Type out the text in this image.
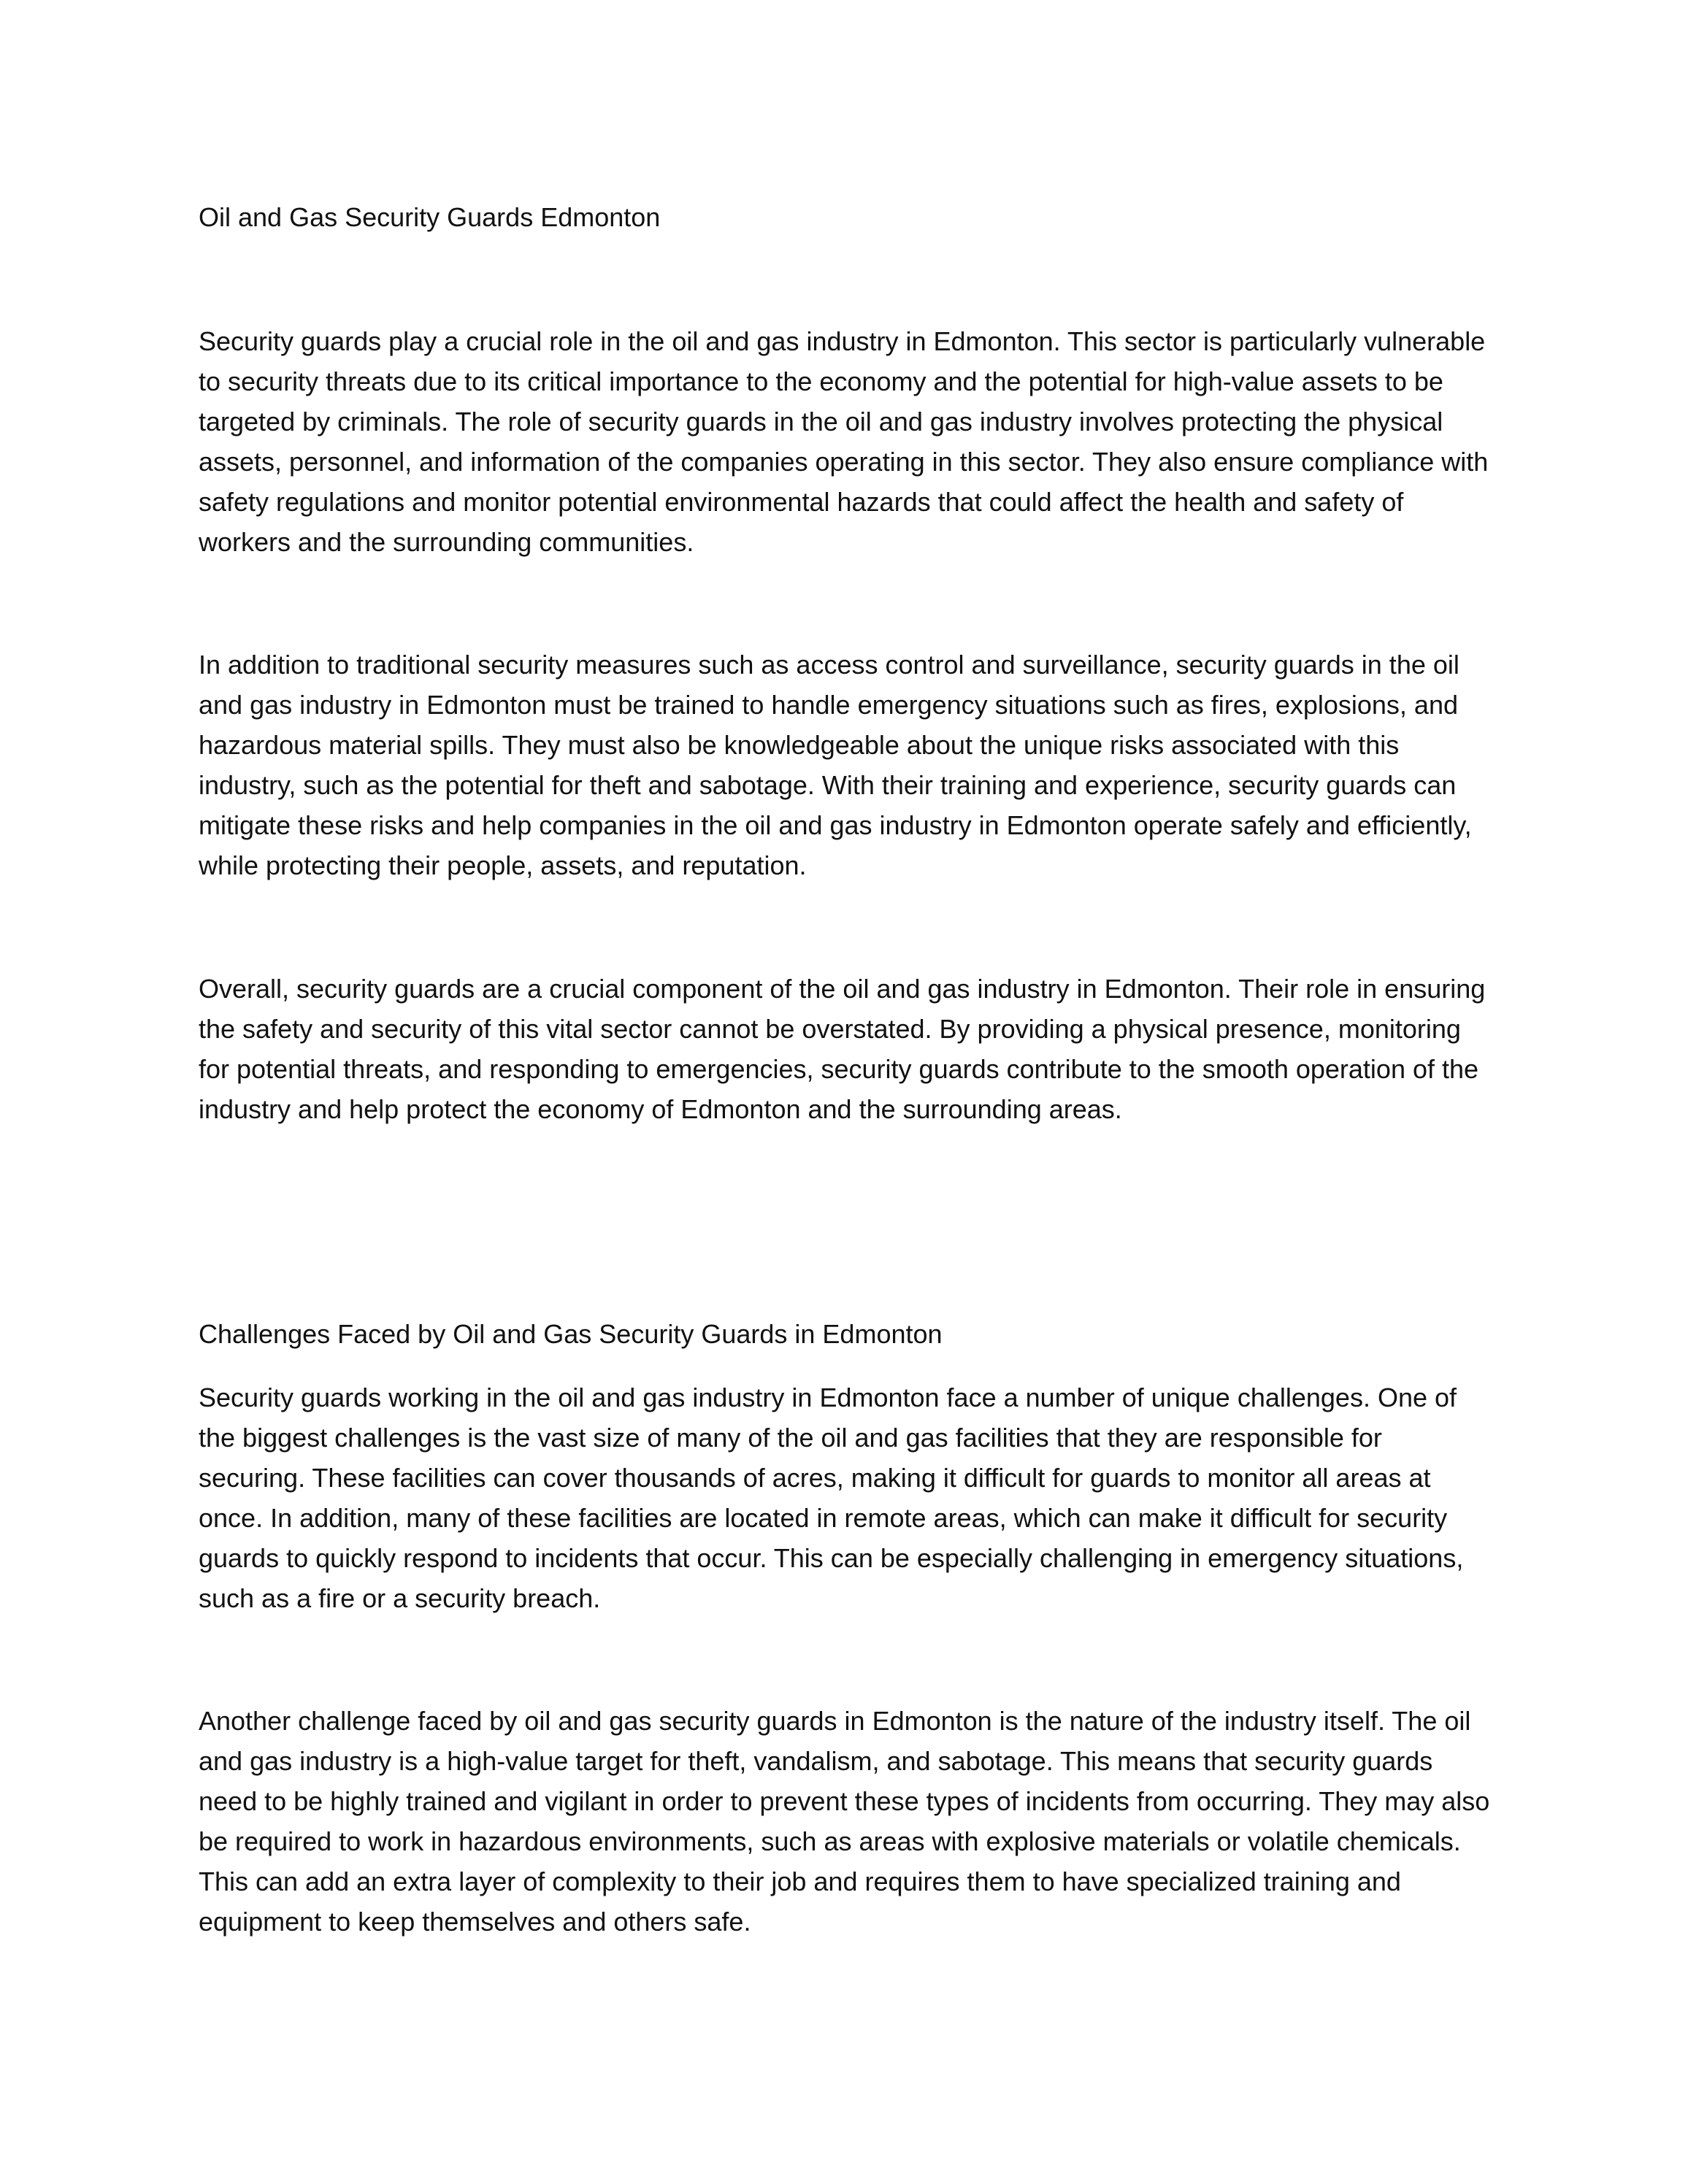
Oil and Gas Security Guards Edmonton

Security guards play a crucial role in the oil and gas industry in Edmonton. This sector is particularly vulnerable to security threats due to its critical importance to the economy and the potential for high-value assets to be targeted by criminals. The role of security guards in the oil and gas industry involves protecting the physical assets, personnel, and information of the companies operating in this sector. They also ensure compliance with safety regulations and monitor potential environmental hazards that could affect the health and safety of workers and the surrounding communities.

In addition to traditional security measures such as access control and surveillance, security guards in the oil and gas industry in Edmonton must be trained to handle emergency situations such as fires, explosions, and hazardous material spills. They must also be knowledgeable about the unique risks associated with this industry, such as the potential for theft and sabotage. With their training and experience, security guards can mitigate these risks and help companies in the oil and gas industry in Edmonton operate safely and efficiently, while protecting their people, assets, and reputation.

Overall, security guards are a crucial component of the oil and gas industry in Edmonton. Their role in ensuring the safety and security of this vital sector cannot be overstated. By providing a physical presence, monitoring for potential threats, and responding to emergencies, security guards contribute to the smooth operation of the industry and help protect the economy of Edmonton and the surrounding areas.

Challenges Faced by Oil and Gas Security Guards in Edmonton

Security guards working in the oil and gas industry in Edmonton face a number of unique challenges. One of the biggest challenges is the vast size of many of the oil and gas facilities that they are responsible for securing. These facilities can cover thousands of acres, making it difficult for guards to monitor all areas at once. In addition, many of these facilities are located in remote areas, which can make it difficult for security guards to quickly respond to incidents that occur. This can be especially challenging in emergency situations, such as a fire or a security breach.

Another challenge faced by oil and gas security guards in Edmonton is the nature of the industry itself. The oil and gas industry is a high-value target for theft, vandalism, and sabotage. This means that security guards need to be highly trained and vigilant in order to prevent these types of incidents from occurring. They may also be required to work in hazardous environments, such as areas with explosive materials or volatile chemicals. This can add an extra layer of complexity to their job and requires them to have specialized training and equipment to keep themselves and others safe.
